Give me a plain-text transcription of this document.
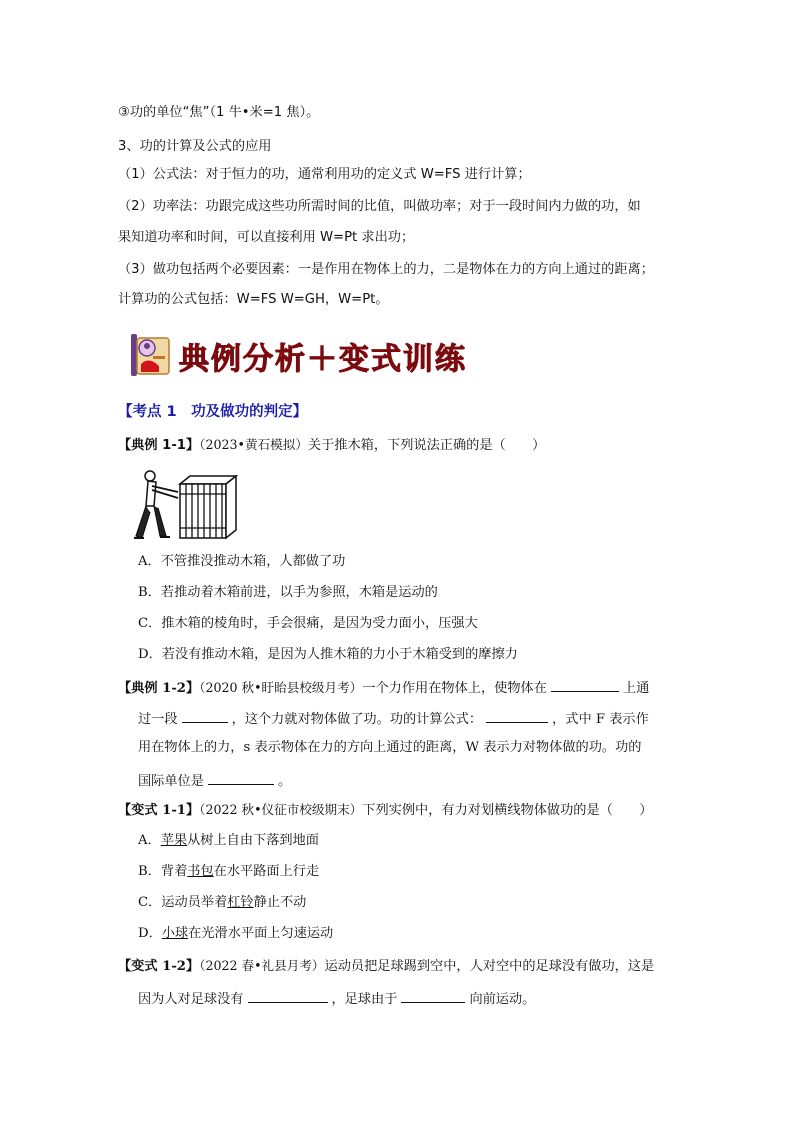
③功的单位“焦”（1 牛•米=1 焦）。
3、功的计算及公式的应用
（1）公式法：对于恒力的功，通常利用功的定义式 W=FS 进行计算；
（2）功率法：功跟完成这些功所需时间的比值，叫做功率；对于一段时间内力做的功，如
果知道功率和时间，可以直接利用 W=Pt 求出功；
（3）做功包括两个必要因素：一是作用在物体上的力，二是物体在力的方向上通过的距离；
计算功的公式包括：W=FS W=GH，W=Pt。
典例分析＋变式训练
【考点 1　功及做功的判定】
【典例 1-1】（2023•黄石模拟）关于推木箱，下列说法正确的是（　　）
A．不管推没推动木箱，人都做了功
B．若推动着木箱前进，以手为参照，木箱是运动的
C．推木箱的棱角时，手会很痛，是因为受力面小，压强大
D．若没有推动木箱，是因为人推木箱的力小于木箱受到的摩擦力
【典例 1-2】（2020 秋•盱眙县校级月考）一个力作用在物体上，使物体在	上通
过一段	，这个力就对物体做了功。功的计算公式：	，式中 F 表示作
用在物体上的力，s 表示物体在力的方向上通过的距离，W 表示力对物体做的功。功的
国际单位是	。
【变式 1-1】（2022 秋•仪征市校级期末）下列实例中，有力对划横线物体做功的是（　　）
A．苹果从树上自由下落到地面
B．背着书包在水平路面上行走
C．运动员举着杠铃静止不动
D．小球在光滑水平面上匀速运动
【变式 1-2】（2022 春•礼县月考）运动员把足球踢到空中，人对空中的足球没有做功，这是
因为人对足球没有	，足球由于	向前运动。
